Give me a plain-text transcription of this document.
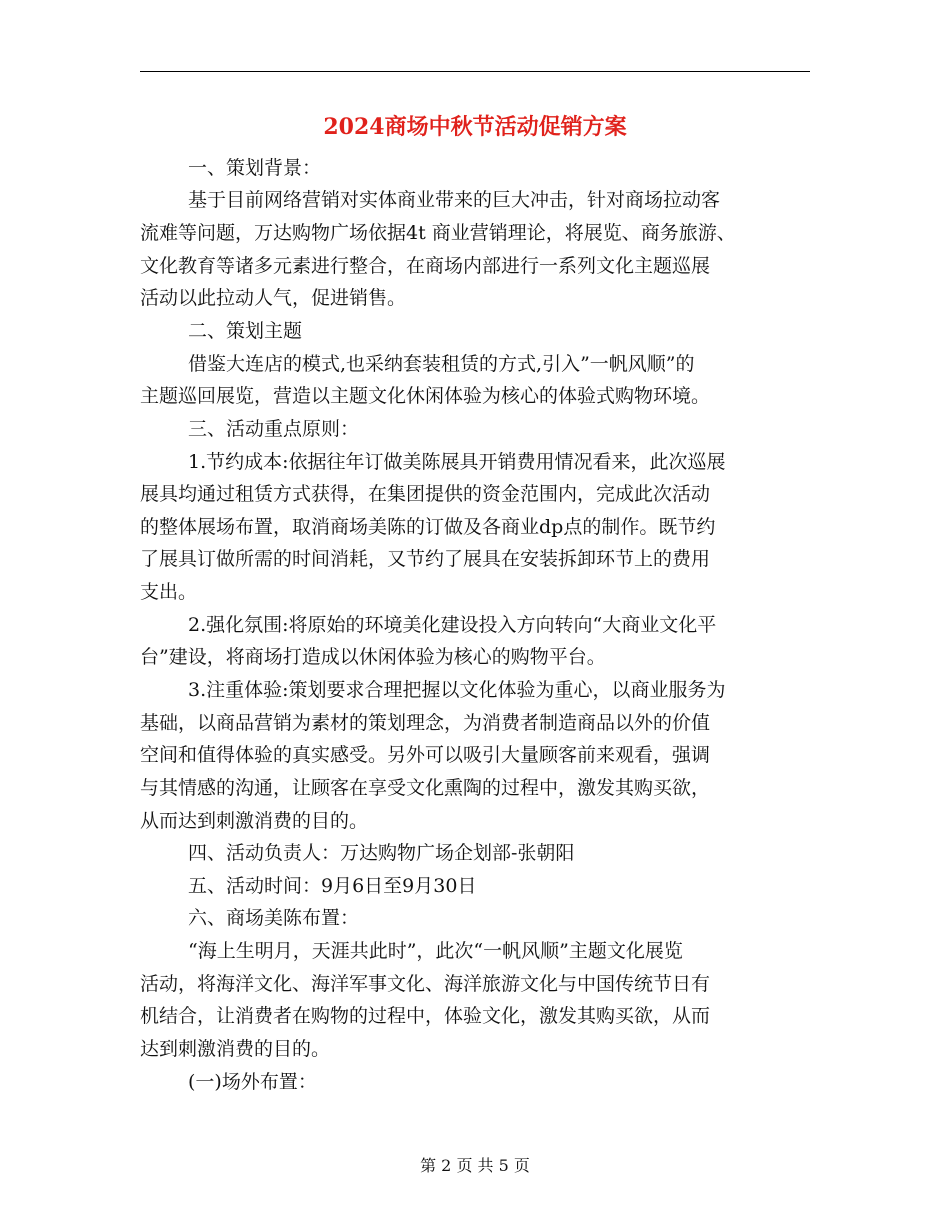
2024商场中秋节活动促销方案
一、策划背景：
基于目前网络营销对实体商业带来的巨大冲击，针对商场拉动客
流难等问题，万达购物广场依据4t 商业营销理论，将展览、商务旅游、
文化教育等诸多元素进行整合，在商场内部进行一系列文化主题巡展
活动以此拉动人气，促进销售。
二、策划主题
借鉴大连店的模式,也采纳套装租赁的方式,引入”一帆风顺”的
主题巡回展览，营造以主题文化休闲体验为核心的体验式购物环境。
三、活动重点原则：
1.节约成本:依据往年订做美陈展具开销费用情况看来，此次巡展
展具均通过租赁方式获得，在集团提供的资金范围内，完成此次活动
的整体展场布置，取消商场美陈的订做及各商业dp点的制作。既节约
了展具订做所需的时间消耗，又节约了展具在安装拆卸环节上的费用
支出。
2.强化氛围:将原始的环境美化建设投入方向转向“大商业文化平
台”建设，将商场打造成以休闲体验为核心的购物平台。
3.注重体验:策划要求合理把握以文化体验为重心，以商业服务为
基础，以商品营销为素材的策划理念，为消费者制造商品以外的价值
空间和值得体验的真实感受。另外可以吸引大量顾客前来观看，强调
与其情感的沟通，让顾客在享受文化熏陶的过程中，激发其购买欲，
从而达到刺激消费的目的。
四、活动负责人：万达购物广场企划部-张朝阳
五、活动时间：9月6日至9月30日
六、商场美陈布置：
“海上生明月，天涯共此时”，此次“一帆风顺”主题文化展览
活动，将海洋文化、海洋军事文化、海洋旅游文化与中国传统节日有
机结合，让消费者在购物的过程中，体验文化，激发其购买欲，从而
达到刺激消费的目的。
(一)场外布置：
第 2 页 共 5 页
